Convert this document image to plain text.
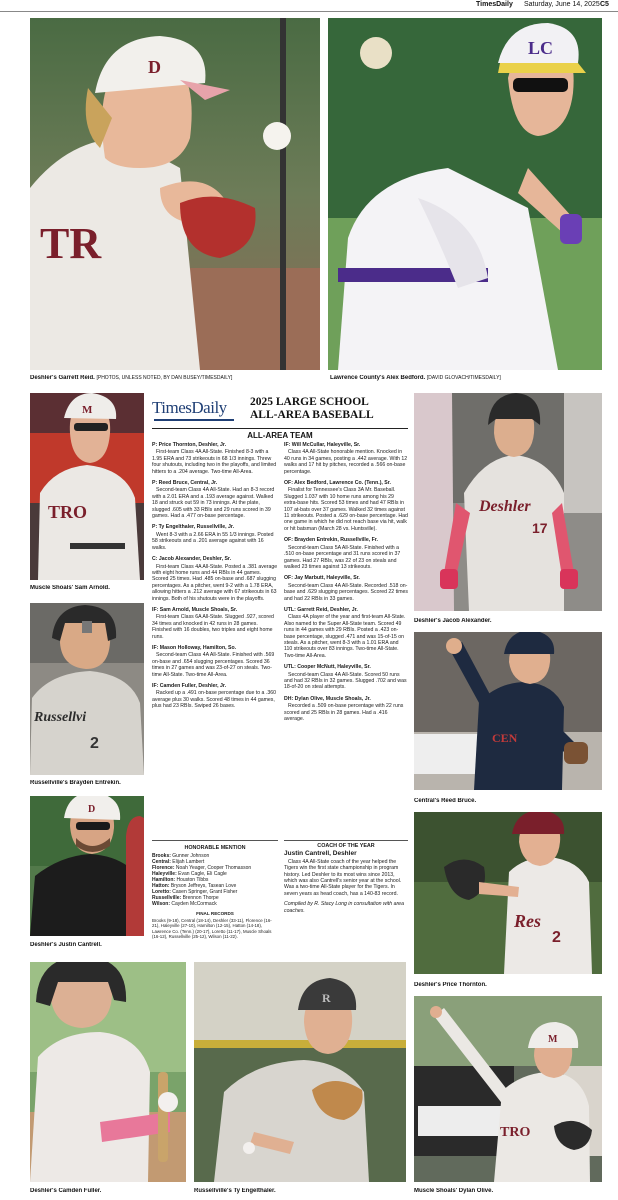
TimesDaily Saturday, June 14, 2025 C5
TR
D
Deshler's Garrett Reid. [PHOTOS, UNLESS NOTED, BY DAN BUSEY/TIMESDAILY]
LC
Lawrence County's Alex Bedford. [DAVID GLOVACH/TIMESDAILY]
TRO
M
Muscle Shoals' Sam Arnold.
Russellvi
2
Russellville's Brayden Entrekin.
D
Deshler's Justin Cantrell.
TimesDaily 2025 LARGE SCHOOL
ALL-AREA BASEBALL
ALL-AREA TEAM
P: Price Thornton, Deshler, Jr.
First-team Class 4A All-State. Finished 8-3 with a 1.95 ERA and 73 strikeouts in 68 1/3 innings. Threw four shutouts, including two in the playoffs, and limited hitters to a .204 average. Two-time All-Area.
P: Reed Bruce, Central, Jr.
Second-team Class 4A All-State. Had an 8-3 record with a 2.01 ERA and a .193 average against. Walked 18 and struck out 59 in 73 innings. At the plate, slugged .605 with 33 RBIs and 29 runs scored in 39 games. Had a .477 on-base percentage.
P: Ty Engelthaler, Russellville, Jr.
Went 8-3 with a 2.66 ERA in 55 1/3 innings. Posted 58 strikeouts and a .201 average against with 16 walks.
C: Jacob Alexander, Deshler, Sr.
First-team Class 4A All-State. Posted a .381 average with eight home runs and 44 RBIs in 44 games. Scored 25 times. Had .485 on-base and .687 slugging percentages. As a pitcher, went 9-2 with a 1.78 ERA, allowing hitters a .212 average with 67 strikeouts in 63 innings. Both of his shutouts were in the playoffs.
IF: Sam Arnold, Muscle Shoals, Sr.
First-team Class 6A All-State. Slugged .927, scored 34 times and knocked in 42 runs in 28 games. Finished with 16 doubles, two triples and eight home runs.
IF: Mason Holloway, Hamilton, So.
Second-team Class 4A All-State. Finished with .569 on-base and .654 slugging percentages. Scored 36 times in 27 games and was 23-of-27 on steals. Two-time All-State. Two-time All-Area.
IF: Camden Fuller, Deshler, Jr.
Racked up a .491 on-base percentage due to a .360 average plus 30 walks. Scored 48 times in 44 games, plus had 23 RBIs. Swiped 26 bases.
IF: Will McCullar, Haleyville, Sr.
Class 4A All-State honorable mention. Knocked in 40 runs in 34 games, posting a .442 average. With 12 walks and 17 hit by pitches, recorded a .566 on-base percentage.
OF: Alex Bedford, Lawrence Co. (Tenn.), Sr.
Finalist for Tennessee's Class 3A Mr. Baseball. Slugged 1.037 with 10 home runs among his 29 extra-base hits. Scored 53 times and had 47 RBIs in 107 at-bats over 37 games. Walked 32 times against 11 strikeouts. Posted a .629 on-base percentage. Had one game in which he did not reach base via hit, walk or hit batsman (March 28 vs. Huntsville).
OF: Brayden Entrekin, Russellville, Fr.
Second-team Class 5A All-State. Finished with a .510 on-base percentage and 31 runs scored in 37 games. Had 27 RBIs, was 22 of 23 on steals and walked 23 times against 13 strikeouts.
OF: Jay Marbutt, Haleyville, Sr.
Second-team Class 4A All-State. Recorded .518 on-base and .629 slugging percentages. Scored 22 times and had 22 RBIs in 33 games.
UTL: Garrett Reid, Deshler, Jr.
Class 4A player of the year and first-team All-State. Also named to the Super All-State team. Scored 49 runs in 44 games with 29 RBIs. Posted a .423 on-base percentage, slugged .471 and was 15-of-15 on steals. As a pitcher, went 8-3 with a 1.01 ERA and 110 strikeouts over 83 innings. Two-time All-State. Two-time All-Area.
UTL: Cooper McNutt, Haleyville, Sr.
Second-team Class 4A All-State. Scored 50 runs and had 32 RBIs in 32 games. Slugged .702 and was 18-of-20 on steal attempts.
DH: Dylan Olive, Muscle Shoals, Jr.
Recorded a .509 on-base percentage with 22 runs scored and 25 RBIs in 28 games. Had a .416 average.
HONORABLE MENTION
Brooks: Gunner Johnson
Central: Elijah Lambert
Florence: Noah Yeager, Cooper Thomasson
Haleyville: Evan Cagle, Eli Cagle
Hamilton: Houston Tibbs
Hatton: Bryson Jeffreys, Tasean Love
Loretto: Casen Springer, Grant Fisher
Russellville: Brennon Thorpe
Wilson: Cayden McCormack
FINAL RECORDS
Brooks (9-18), Central (18-14), Deshler (33-11), Florence (16-21), Haleyville (27-10), Hamilton (12-15), Hatton (14-18), Lawrence Co. (Tenn.) (20-17), Loretto (11-17), Muscle Shoals (16-12), Russellville (25-12), Wilson (11-22).
COACH OF THE YEAR
Justin Cantrell, Deshler
Class 4A All-State coach of the year helped the Tigers win the first state championship in program history. Led Deshler to its most wins since 2013, which was also Cantrell's senior year at the school. Was a two-time All-State player for the Tigers. In seven years as head coach, has a 140-83 record.
Compiled by R. Stacy Long in consultation with area coaches.
Deshler
17
Deshler's Jacob Alexander.
CEN
Central's Reed Bruce.
Res
2
Deshler's Price Thornton.
Deshler's Camden Fuller.
R
Russellville's Ty Engelthaler.
TRO
M
Muscle Shoals' Dylan Olive.
